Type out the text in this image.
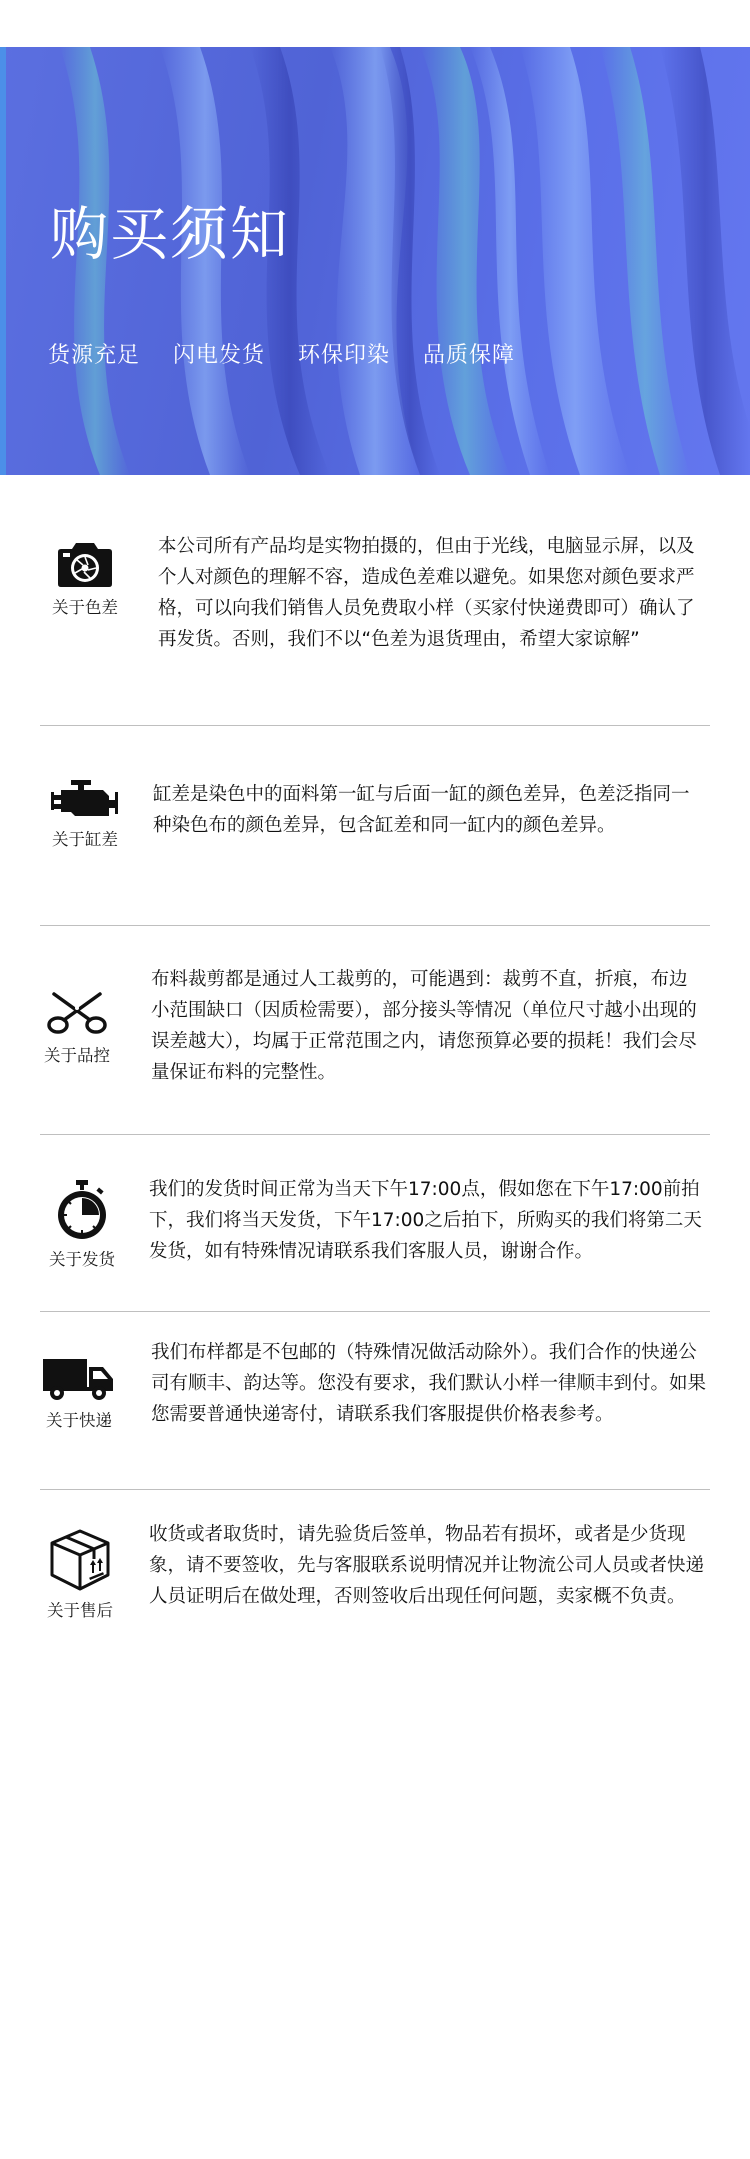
购买须知
货源充足 闪电发货 环保印染 品质保障
关于色差

本公司所有产品均是实物拍摄的，但由于光线，电脑显示屏，以及个人对颜色的理解不容，造成色差难以避免。如果您对颜色要求严格，可以向我们销售人员免费取小样（买家付快递费即可）确认了再发货。否则，我们不以“色差为退货理由，希望大家谅解”

关于缸差

缸差是染色中的面料第一缸与后面一缸的颜色差异，色差泛指同一种染色布的颜色差异，包含缸差和同一缸内的颜色差异。

关于品控

布料裁剪都是通过人工裁剪的，可能遇到：裁剪不直，折痕，布边小范围缺口（因质检需要），部分接头等情况（单位尺寸越小出现的误差越大），均属于正常范围之内，请您预算必要的损耗！我们会尽量保证布料的完整性。

关于发货

我们的发货时间正常为当天下午17:00点，假如您在下午17:00前拍下，我们将当天发货，下午17:00之后拍下，所购买的我们将第二天发货，如有特殊情况请联系我们客服人员，谢谢合作。

关于快递

我们布样都是不包邮的（特殊情况做活动除外）。我们合作的快递公司有顺丰、韵达等。您没有要求，我们默认小样一律顺丰到付。如果您需要普通快递寄付，请联系我们客服提供价格表参考。

关于售后

收货或者取货时，请先验货后签单，物品若有损坏，或者是少货现象，请不要签收，先与客服联系说明情况并让物流公司人员或者快递人员证明后在做处理，否则签收后出现任何问题，卖家概不负责。
